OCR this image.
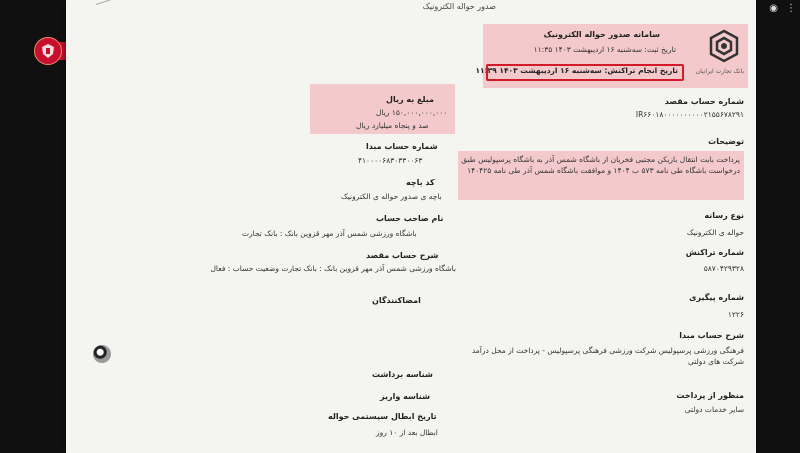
◉ ⋮
صدور حواله الکترونیک
بانک تجارت ایرانیان
سامانه صدور حواله الکترونیک
تاریخ ثبت: سه‌شنبه ۱۶ اردیبهشت ۱۴۰۳ ۱۱:۳۵
تاریخ انجام تراکنش: سه‌شنبه ۱۶ اردیبهشت ۱۴۰۳ ۱۱:۳۹
مبلغ به ریال
۱۵۰,۰۰۰,۰۰۰,۰۰۰ ریال
صد و پنجاه میلیارد ریال
شماره حساب مقصد
IR۶۶۰۱۸۰۰۰۰۰۰۰۰۰۰۲۱۵۵۶۷۸۲۹۱
توضیحات
پرداخت بابت انتقال بازیکن مجتبی فخریان از باشگاه شمس آذر به باشگاه پرسپولیس طبق درخواست باشگاه طی نامه ۵۷۳ ب ۱۴۰۴ و موافقت باشگاه شمس آذر طی نامه ۱۴۰۴۲۵
نوع رسانه
حواله ی الکترونیک
شماره تراکنش
۵۸۷۰۴۲۹۳۲۸
شماره پیگیری
۱۲۲۶
شرح حساب مبدا
فرهنگی ورزشی پرسپولیس شرکت ورزشی فرهنگی پرسپولیس - پرداخت از محل درآمد شرکت های دولتی
منظور از پرداخت
سایر خدمات دولتی
شماره حساب مبدا
۴۱۰۰۰۰۶۸۳۰۳۳۰۰۶۳
کد باچه
باچه ی صدور حواله ی الکترونیک
نام صاحب حساب
باشگاه ورزشی شمس آذر مهر قزوین بانک : بانک تجارت
شرح حساب مقصد
باشگاه ورزشی شمس آذر مهر قزوین بانک : بانک تجارت وضعیت حساب : فعال
امضاکنندگان
شناسه برداشت
شناسه واریز
تاریخ ابطال سیستمی حواله
ابطال بعد از ۱۰ روز
